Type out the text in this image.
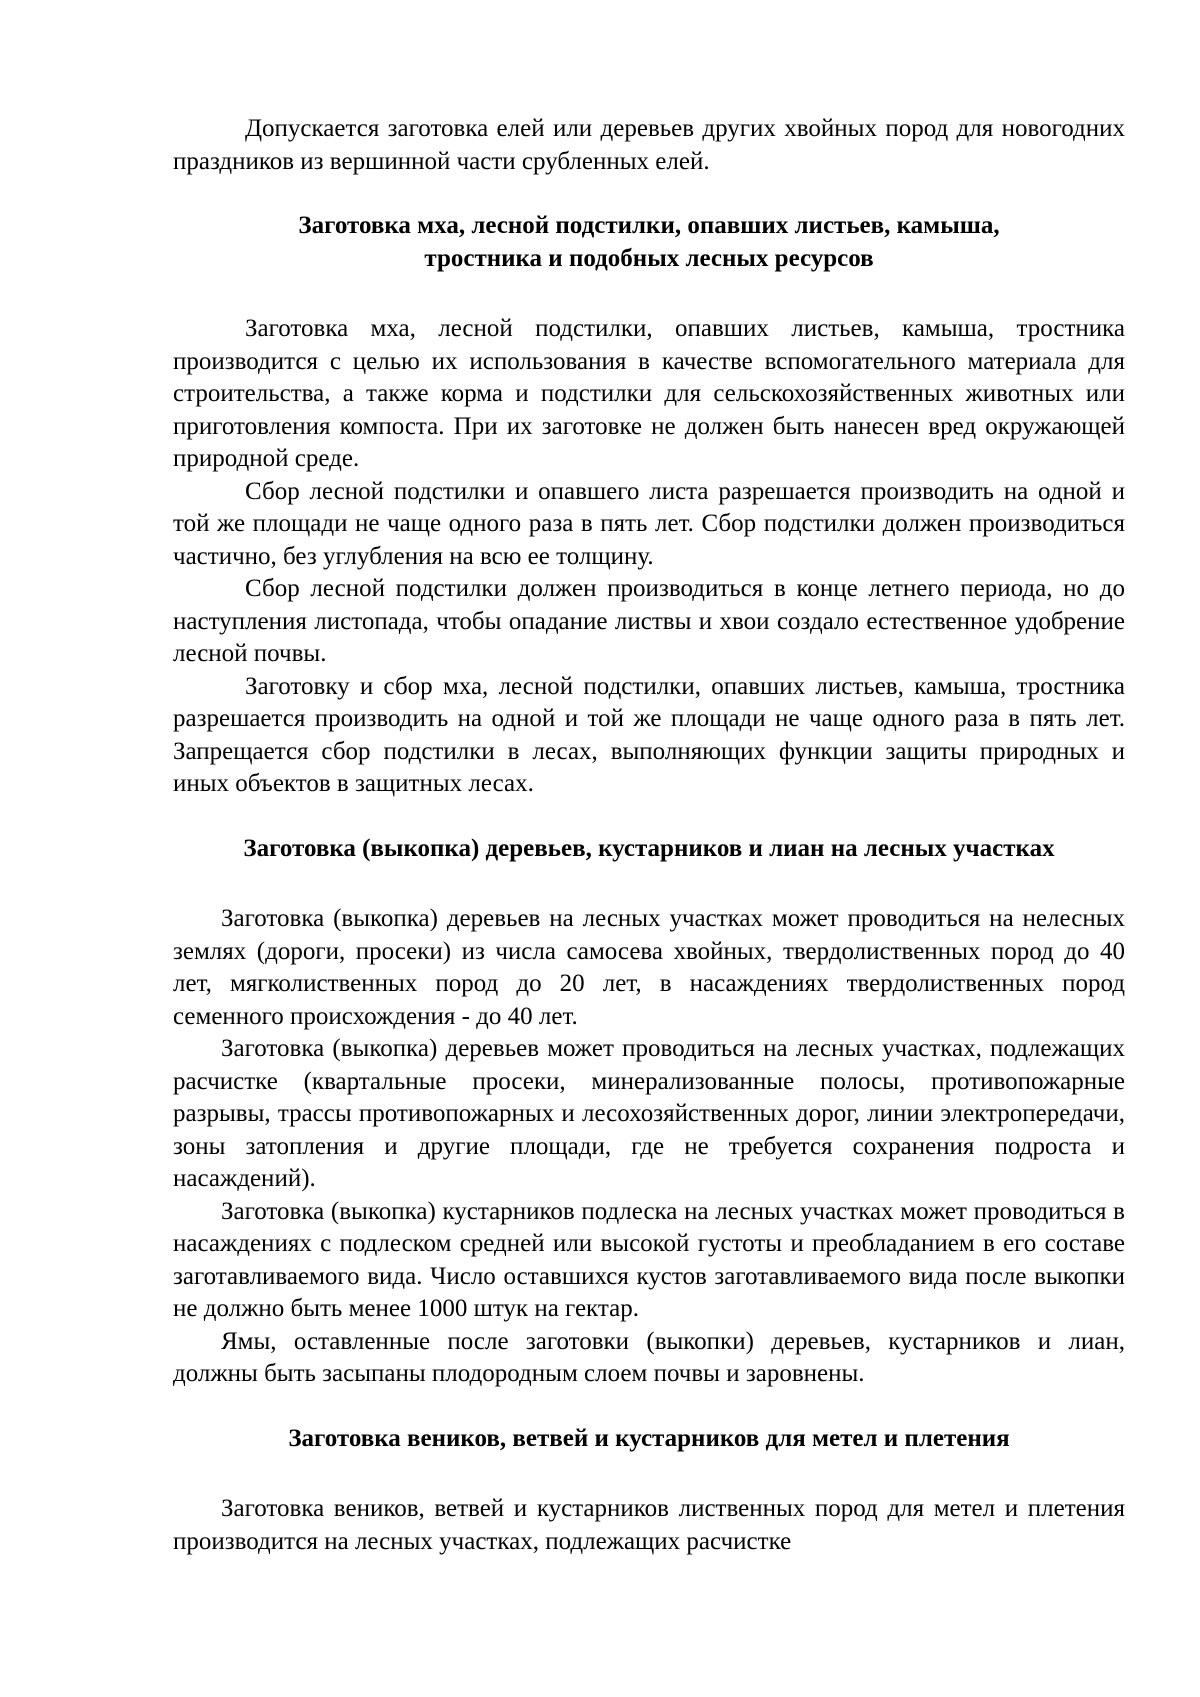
Допускается заготовка елей или деревьев других хвойных пород для новогодних праздников из вершинной части срубленных елей.

Заготовка мха, лесной подстилки, опавших листьев, камыша,
тростника и подобных лесных ресурсов

Заготовка мха, лесной подстилки, опавших листьев, камыша, тростника производится с целью их использования в качестве вспомогательного материала для строительства, а также корма и подстилки для сельскохозяйственных животных или приготовления компоста. При их заготовке не должен быть нанесен вред окружающей природной среде.

Сбор лесной подстилки и опавшего листа разрешается производить на одной и той же площади не чаще одного раза в пять лет. Сбор подстилки должен производиться частично, без углубления на всю ее толщину.

Сбор лесной подстилки должен производиться в конце летнего периода, но до наступления листопада, чтобы опадание листвы и хвои создало естественное удобрение лесной почвы.

Заготовку и сбор мха, лесной подстилки, опавших листьев, камыша, тростника разрешается производить на одной и той же площади не чаще одного раза в пять лет. Запрещается сбор подстилки в лесах, выполняющих функции защиты природных и иных объектов в защитных лесах.

Заготовка (выкопка) деревьев, кустарников и лиан на лесных участках

Заготовка (выкопка) деревьев на лесных участках может проводиться на нелесных землях (дороги, просеки) из числа самосева хвойных, твердолиственных пород до 40 лет, мягколиственных пород до 20 лет, в насаждениях твердолиственных пород семенного происхождения - до 40 лет.

Заготовка (выкопка) деревьев может проводиться на лесных участках, подлежащих расчистке (квартальные просеки, минерализованные полосы, противопожарные разрывы, трассы противопожарных и лесохозяйственных дорог, линии электропередачи, зоны затопления и другие площади, где не требуется сохранения подроста и насаждений).

Заготовка (выкопка) кустарников подлеска на лесных участках может проводиться в насаждениях с подлеском средней или высокой густоты и преобладанием в его составе заготавливаемого вида. Число оставшихся кустов заготавливаемого вида после выкопки не должно быть менее 1000 штук на гектар.

Ямы, оставленные после заготовки (выкопки) деревьев, кустарников и лиан, должны быть засыпаны плодородным слоем почвы и заровнены.

Заготовка веников, ветвей и кустарников для метел и плетения

Заготовка веников, ветвей и кустарников лиственных пород для метел и плетения производится на лесных участках, подлежащих расчистке
